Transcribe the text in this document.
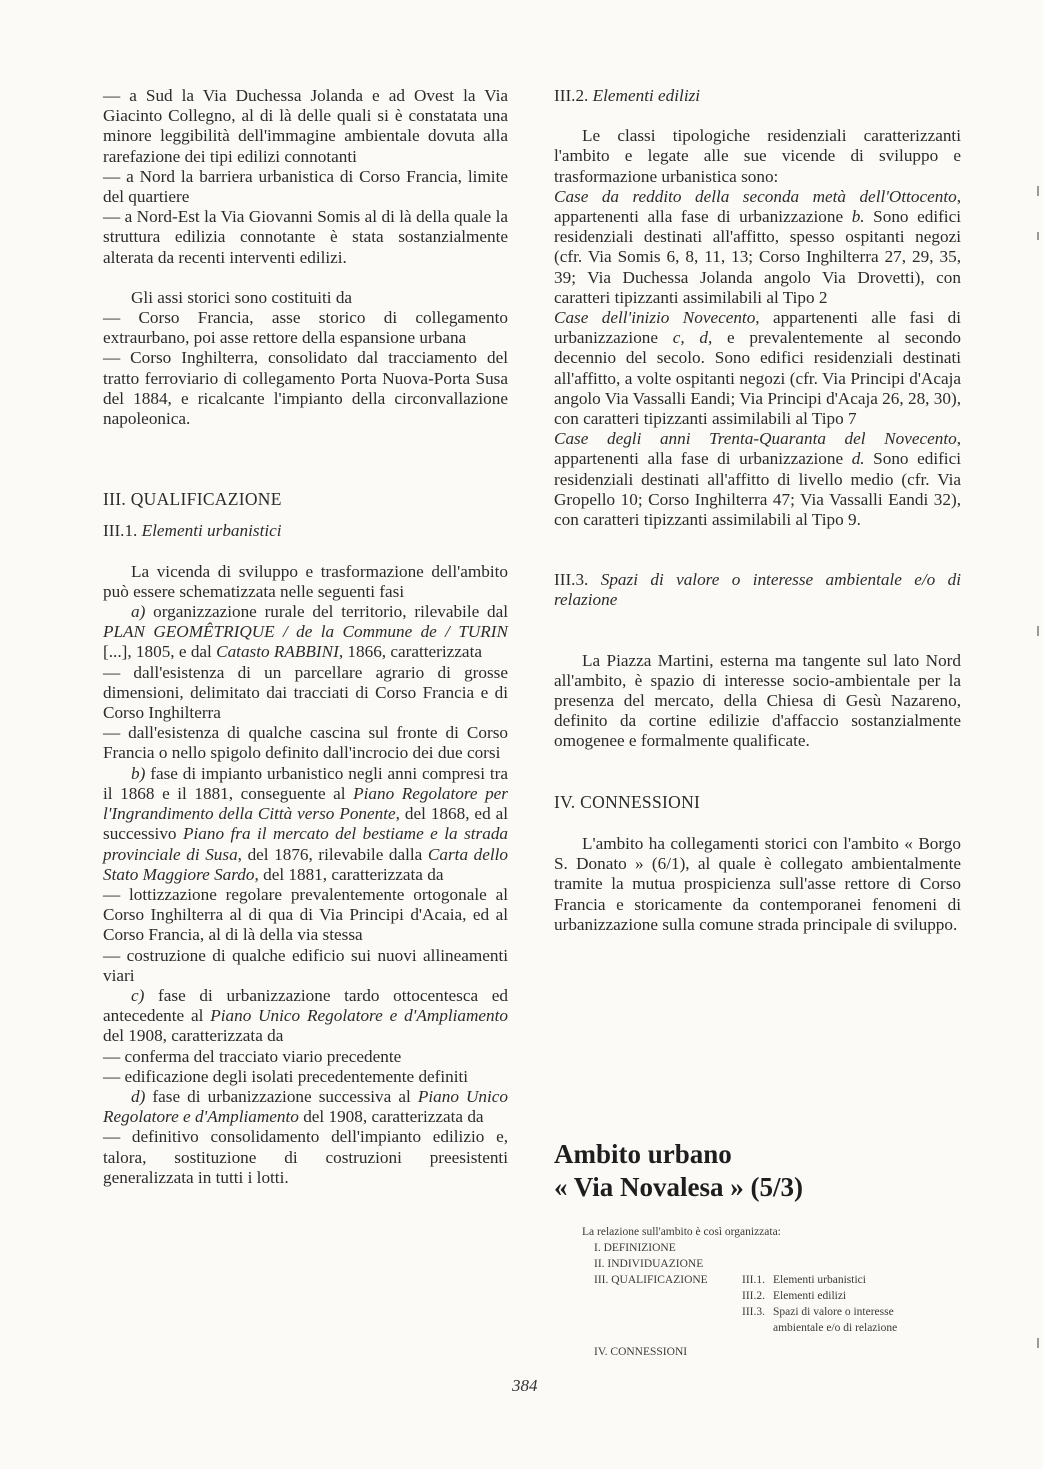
— a Sud la Via Duchessa Jolanda e ad Ovest la Via Giacinto Collegno, al di là delle quali si è constatata una minore leggibilità dell'immagine ambientale dovuta alla rarefazione dei tipi edilizi connotanti

— a Nord la barriera urbanistica di Corso Francia, limite del quartiere

— a Nord-Est la Via Giovanni Somis al di là della quale la struttura edilizia connotante è stata sostanzialmente alterata da recenti interventi edilizi.

Gli assi storici sono costituiti da

— Corso Francia, asse storico di collegamento extraurbano, poi asse rettore della espansione urbana

— Corso Inghilterra, consolidato dal tracciamento del tratto ferroviario di collegamento Porta Nuova-Porta Susa del 1884, e ricalcante l'impianto della circonvallazione napoleonica.

III. QUALIFICAZIONE

III.1. Elementi urbanistici

La vicenda di sviluppo e trasformazione dell'ambito può essere schematizzata nelle seguenti fasi

a) organizzazione rurale del territorio, rilevabile dal PLAN GEOMÊTRIQUE / de la Commune de / TURIN [...], 1805, e dal Catasto RABBINI, 1866, caratterizzata

— dall'esistenza di un parcellare agrario di grosse dimensioni, delimitato dai tracciati di Corso Francia e di Corso Inghilterra

— dall'esistenza di qualche cascina sul fronte di Corso Francia o nello spigolo definito dall'incrocio dei due corsi

b) fase di impianto urbanistico negli anni compresi tra il 1868 e il 1881, conseguente al Piano Regolatore per l'Ingrandimento della Città verso Ponente, del 1868, ed al successivo Piano fra il mercato del bestiame e la strada provinciale di Susa, del 1876, rilevabile dalla Carta dello Stato Maggiore Sardo, del 1881, caratterizzata da

— lottizzazione regolare prevalentemente ortogonale al Corso Inghilterra al di qua di Via Principi d'Acaia, ed al Corso Francia, al di là della via stessa

— costruzione di qualche edificio sui nuovi allineamenti viari

c) fase di urbanizzazione tardo ottocentesca ed antecedente al Piano Unico Regolatore e d'Ampliamento del 1908, caratterizzata da

— conferma del tracciato viario precedente

— edificazione degli isolati precedentemente definiti

d) fase di urbanizzazione successiva al Piano Unico Regolatore e d'Ampliamento del 1908, caratterizzata da

— definitivo consolidamento dell'impianto edilizio e, talora, sostituzione di costruzioni preesistenti generalizzata in tutti i lotti.

III.2. Elementi edilizi

Le classi tipologiche residenziali caratterizzanti l'ambito e legate alle sue vicende di sviluppo e trasformazione urbanistica sono:

Case da reddito della seconda metà dell'Ottocento, appartenenti alla fase di urbanizzazione b. Sono edifici residenziali destinati all'affitto, spesso ospitanti negozi (cfr. Via Somis 6, 8, 11, 13; Corso Inghilterra 27, 29, 35, 39; Via Duchessa Jolanda angolo Via Drovetti), con caratteri tipizzanti assimilabili al Tipo 2

Case dell'inizio Novecento, appartenenti alle fasi di urbanizzazione c, d, e prevalentemente al secondo decennio del secolo. Sono edifici residenziali destinati all'affitto, a volte ospitanti negozi (cfr. Via Principi d'Acaja angolo Via Vassalli Eandi; Via Principi d'Acaja 26, 28, 30), con caratteri tipizzanti assimilabili al Tipo 7

Case degli anni Trenta-Quaranta del Novecento, appartenenti alla fase di urbanizzazione d. Sono edifici residenziali destinati all'affitto di livello medio (cfr. Via Gropello 10; Corso Inghilterra 47; Via Vassalli Eandi 32), con caratteri tipizzanti assimilabili al Tipo 9.

III.3. Spazi di valore o interesse ambientale e/o di relazione

La Piazza Martini, esterna ma tangente sul lato Nord all'ambito, è spazio di interesse socio-ambientale per la presenza del mercato, della Chiesa di Gesù Nazareno, definito da cortine edilizie d'affaccio sostanzialmente omogenee e formalmente qualificate.

IV. CONNESSIONI

L'ambito ha collegamenti storici con l'ambito « Borgo S. Donato » (6/1), al quale è collegato ambientalmente tramite la mutua prospicienza sull'asse rettore di Corso Francia e storicamente da contemporanei fenomeni di urbanizzazione sulla comune strada principale di sviluppo.

Ambito urbano
« Via Novalesa » (5/3)
La relazione sull'ambito è così organizzata:
I. DEFINIZIONE
II. INDIVIDUAZIONE
III. QUALIFICAZIONE	III.1. Elementi urbanistici
III.2. Elementi edilizi
III.3. Spazi di valore o interesse
ambientale e/o di relazione
IV. CONNESSIONI
384
